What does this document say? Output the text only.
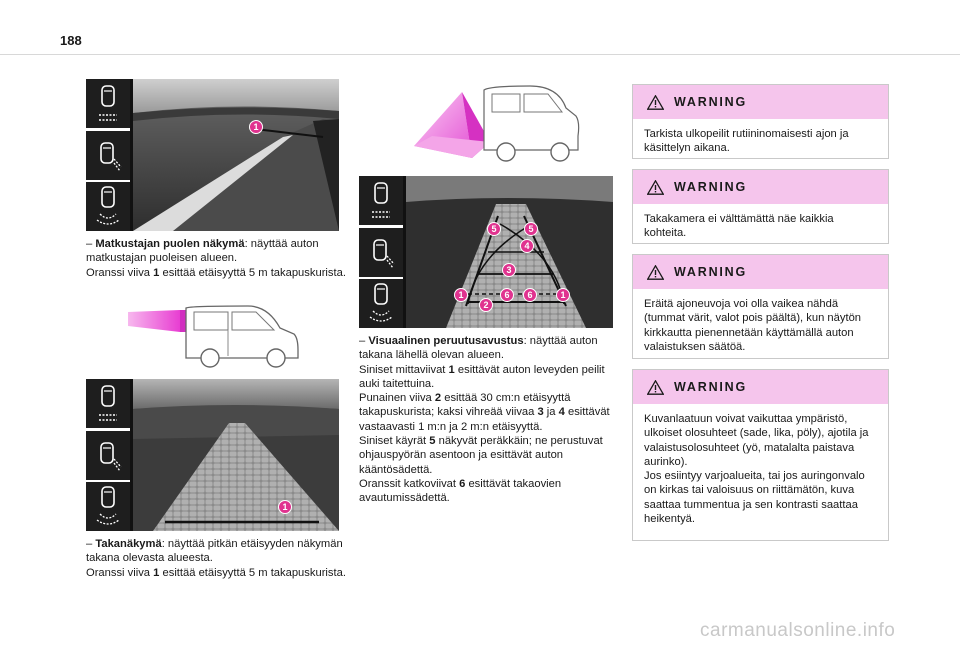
188
1

– Matkustajan puolen näkymä: näyttää auton matkustajan puoleisen alueen.

Oranssi viiva 1 esittää etäisyyttä 5 m takapuskurista.

1

– Takanäkymä: näyttää pitkän etäisyyden näkymän takana olevasta alueesta.

Oranssi viiva 1 esittää etäisyyttä 5 m takapuskurista.

5	5
4
3
1
2
6	6	1

– Visuaalinen peruutusavustus: näyttää auton takana lähellä olevan alueen.

Siniset mittaviivat 1 esittävät auton leveyden peilit auki taitettuina.

Punainen viiva 2 esittää 30 cm:n etäisyyttä takapuskurista; kaksi vihreää viivaa 3 ja 4 esittävät vastaavasti 1 m:n ja 2 m:n etäisyyttä.

Siniset käyrät 5 näkyvät peräkkäin; ne perustuvat ohjauspyörän asentoon ja esittävät auton kääntösädettä.

Oranssit katkoviivat 6 esittävät takaovien avautumissädettä.

WARNING
Tarkista ulkopeilit rutiininomaisesti ajon ja käsittelyn aikana.
WARNING
Takakamera ei välttämättä näe kaikkia kohteita.
WARNING
Eräitä ajoneuvoja voi olla vaikea nähdä (tummat värit, valot pois päältä), kun näytön kirkkautta pienennetään käyttämällä auton valaistuksen säätöä.
WARNING

Kuvanlaatuun voivat vaikuttaa ympäristö, ulkoiset olosuhteet (sade, lika, pöly), ajotila ja valaistusolosuhteet (yö, matalalta paistava aurinko).

Jos esiintyy varjoalueita, tai jos auringonvalo on kirkas tai valoisuus on riittämätön, kuva saattaa tummentua ja sen kontrasti saattaa heikentyä.

carmanualsonline.info
